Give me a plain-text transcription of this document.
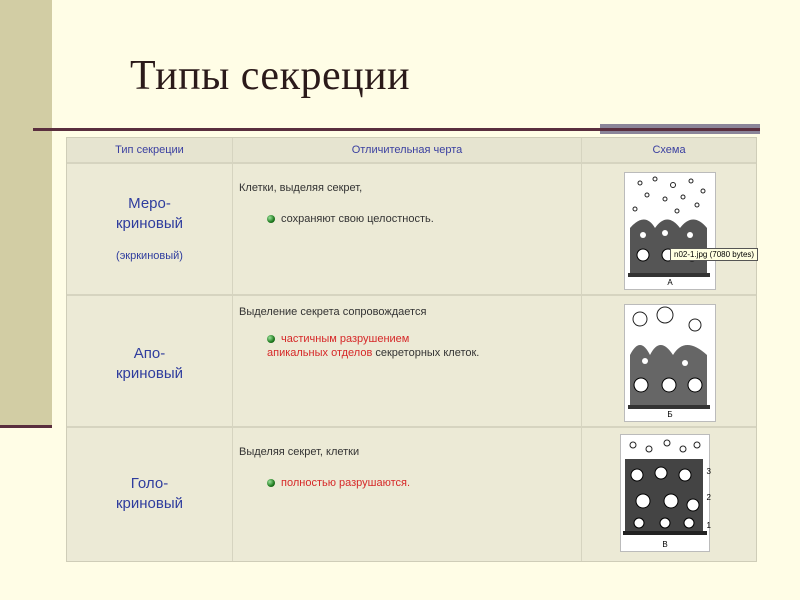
Типы секреции
Тип секреции	Отличительная черта	Схема
Меро-
криновый
(экркиновый)
Клетки, выделяя секрет,
сохраняют свою целостность.
А
Апо-
криновый
Выделение секрета сопровождается
частичным разрушением
апикальных отделов секреторных клеток.
Б
Голо-
криновый
Выделяя секрет, клетки
полностью разрушаются.
3
2
1
В
n02-1.jpg (7080 bytes)
